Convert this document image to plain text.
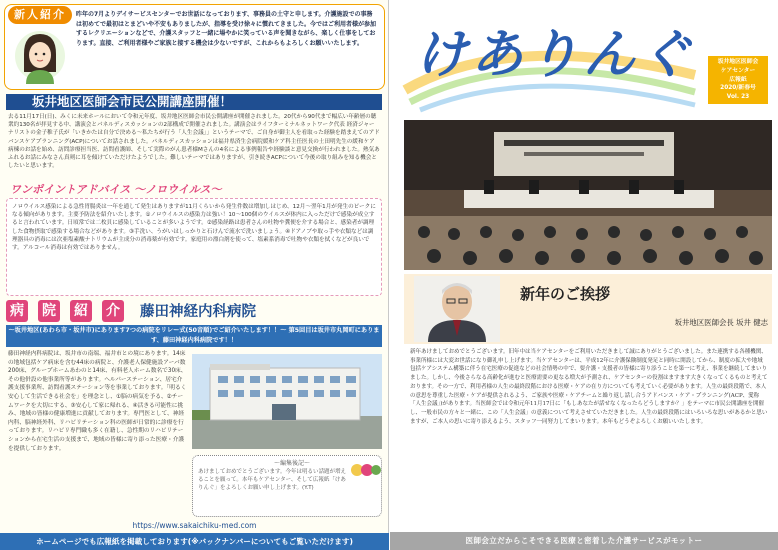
新人紹介	昨年の7月よりデイサービスセンターでお世話になっております、事務員の土守と申します。介護施設での事務は初めてで最初はとまどいや不安もありましたが、指導を受け徐々に慣れてきました。今ではご利用者様が参加するレクリエーションなどで、介護スタッフと一緒に場やかに笑っている声を聞きながら、楽しく仕事をしております。直接、ご利用者様やご家族と接する機会は少ないですが、これからもよろしくお願いいたします。
坂井地区医師会市民公開講座開催！
去る11月17日(日)、みくに未来ホールにおいて令和元年度、坂井地区医師会市民公開講座が開催されました。20代から90代まで幅広い年齢層の聴衆約130名が拝見する中、講演会とパネルディスカッションの2部構成で開催されました。講演会はライフターミナルネットワーク代表 経済ジャーナリストの金子稚子氏が「いきかたは自分で決める～私たちが行う「人生会議」」というテーマで、ご自身が御主人を看取った経験を踏まえてのアドバンスケアプランニング(ACP)についてお話されました。パネルディスカッションは福井県済生会病院緩和ケア科主任医長の土田明先生の緩和ケア病棟のお話を始め、訪問診療担当医、訪問看護師、そして実際のがん患者様Mさんの4名による事例報告や経験談と意見交換が行われました。熱気あふれるお話にみなさん真剣に耳を傾けていただけたようでした。難しいテーマではありますが、引き続きACPについて今後の取り組みを知る機会としたいと思います。
ワンポイントアドバイス ～ノロウイルス～
ノロウイルス感染による急性胃腸炎は一年を通して発生はありますが11月くらいから発生件数は増加しはじめ、12月～翌年1月が発生のピークになる傾向があります。主要予防法を紹介いたします。①ノロウイルスの感染力は強い！10～100個のウイルスが体内に入っただけで感染が成立すると言われています。日頃常では二枚貝に感染していることが多いようです。②感染経路は患者さんの吐物や糞便を介する場合と、感染者が調理した食物摂取で感染する場合などがあります。③手洗い、うがいはしっかりと石けんで流水で洗いましょう。④ドアノブや取っ手や衣類などは調理器具の消毒には次亜塩素酸ナトリウムが主成分の消毒薬が有効です。家庭用の漂白剤を使って、塩素系消毒で吐物や衣類を拭くなどが良いです。アルコール消毒は有効ではありません。
病 院 紹 介 藤田神経内科病院
～坂井地区(あわら市・坂井市)にあります7つの病院をリレー式(50音順)でご紹介いたします！！～ 第5回目は坂井市丸岡町にあります、藤田神経内科病院です！！
藤田神経内科病院は、坂井市の南端、福井市との境にあります。14床の地域包括ケア病床を含む44床の病院と、介護老人保健施設アーバ数200床、グループホームあわのと14床、有料老人ホーム数名で30床、その他併設の他事業所等があります。ヘルパーステーション、居宅介護支援事業所、訪問看護ステーション等を事業しております。「明るく安心して生活できる社会を」を理念とし、①脳の病気を予る、②チームワークを大切にする、③安心して家に帰れる、④活きる可能性に挑み、地域の皆様の健康増進に貢献しております。専門医として、神経内科、脳神経外科、リハビリテーション科の医師が日常的に診療を行っております。リハビリ専門職も多く在籍し、急性期のリハビリテーションから在宅生活の支援まで、地域の皆様に寄り添った医療・介護を提供しております。
～編集後記～
あけましておめでとうございます。今年は明るい話題が増えることを願って。本年もケアセンター、そして広報紙「けありんぐ」をよろしくお願い申し上げます。(Y.T)
https://www.sakaichiku-med.com
ホームページでも広報紙を掲載しております(※バックナンバーについてもご覧いただけます)
けありんぐ	坂井地区医師会
ケアセンター
広報紙
2020/新春号
Vol. 23
新年のご挨拶
坂井地区医師会長 坂井 健志
新年あけましておめでとうございます。旧年中は当ケアセンターをご利用いただきまして誠にありがとうございました。また連携する各種機関、事業所様には大変お世話になり御礼申し上げます。当ケアセンターは、平成12年に介護保険制度発足と同時に開設してから、制度の拡大や地域包括ケアシステム構築に伴う在宅医療の促進などの社会情勢の中で、要介護・支援者の皆様に寄り添うことを第一に考え、事業を継続してまいりました。しかし、今後さらなる高齢化が進むと医療需要の更なる増大が予測され、ケアセンターの役割はますます大きくなってくるものと考えております。その一方で、利用者様の人生の最終段階における医療・ケアの在り方についても考えていく必要があります。人生の最終段階で、本人の意思を尊重した医療・ケアが提供されるよう、ご家族や医療・ケアチームと繰り返し話し合うアドバンス・ケア・プランニング(ACP、愛称「人生会議」)があります。当医師会では令和元年11月17日に「もしあなたが話せなくなったらどうしますか？」をテーマに市民公開講座を開催し、一般市民の方々と一緒に、この「人生会議」の意義について考えさせていただきました。人生の最終段階にはいろいろな思いがあるかと思いますが、ご本人の思いに寄り添えるよう、スタッフ一同努力してまいります。本年もどうぞよろしくお願いいたします。
医師会立だからこそできる医療と密着した介護サービスがモットー
